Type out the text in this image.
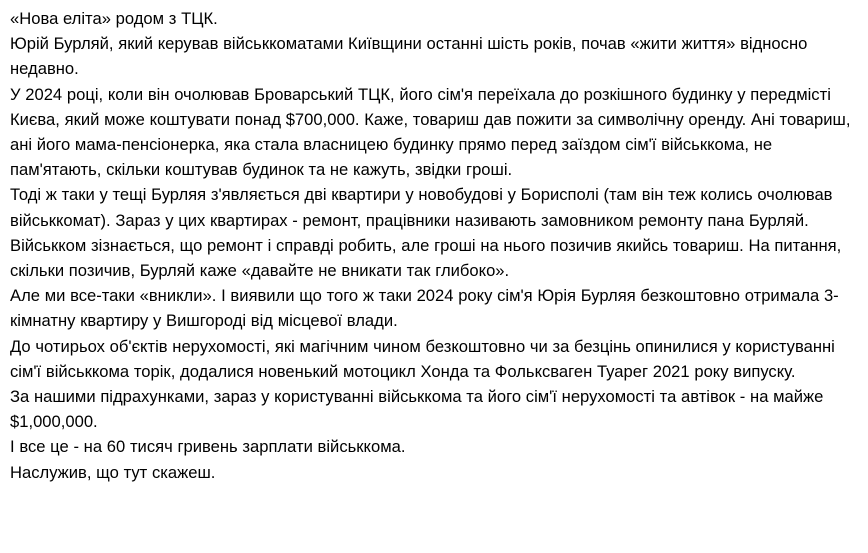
«Нова еліта» родом з ТЦК.

Юрій Бурляй, який керував військкоматами Київщини останні шість років, почав «жити життя» відносно недавно.

У 2024 році, коли він очолював Броварський ТЦК, його сім'я переїхала до розкішного будинку у передмісті Києва, який може коштувати понад $700,000. Каже, товариш дав пожити за символічну оренду. Ані товариш, ані його мама-пенсіонерка, яка стала власницею будинку прямо перед заїздом сім'ї військкома, не пам'ятають, скільки коштував будинок та не кажуть, звідки гроші.

Тоді ж таки у тещі Бурляя з'являється дві квартири у новобудові у Борисполі (там він теж колись очолював військкомат). Зараз у цих квартирах - ремонт, працівники називають замовником ремонту пана Бурляй. Військком зізнається, що ремонт і справді робить, але гроші на нього позичив якийсь товариш. На питання, скільки позичив, Бурляй каже «давайте не вникати так глибоко».

Але ми все-таки «вникли». І виявили що того ж таки 2024 року сім'я Юрія Бурляя безкоштовно отримала 3-кімнатну квартиру у Вишгороді від місцевої влади.

До чотирьох об'єктів нерухомості, які магічним чином безкоштовно чи за безцінь опинилися у користуванні сім'ї військкома торік, додалися новенький мотоцикл Хонда та Фольксваген Туарег 2021 року випуску.

За нашими підрахунками, зараз у користуванні військкома та його сім'ї нерухомості та автівок - на майже $1,000,000.

І все це - на 60 тисяч гривень зарплати військкома.

Наслужив, що тут скажеш.
